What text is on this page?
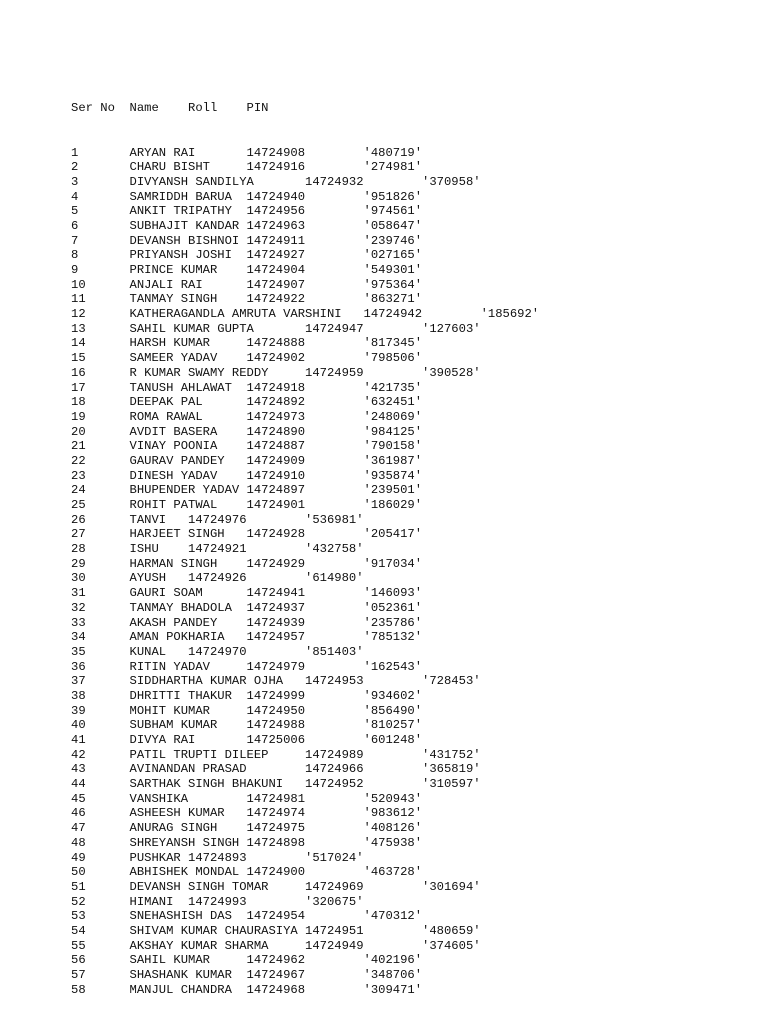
Ser No  Name    Roll    PIN

1       ARYAN RAI       14724908        '480719'
2       CHARU BISHT     14724916        '274981'
3       DIVYANSH SANDILYA       14724932        '370958'
4       SAMRIDDH BARUA  14724940        '951826'
5       ANKIT TRIPATHY  14724956        '974561'
6       SUBHAJIT KANDAR 14724963        '058647'
7       DEVANSH BISHNOI 14724911        '239746'
8       PRIYANSH JOSHI  14724927        '027165'
9       PRINCE KUMAR    14724904        '549301'
10      ANJALI RAI      14724907        '975364'
11      TANMAY SINGH    14724922        '863271'
12      KATHERAGANDLA AMRUTA VARSHINI   14724942        '185692'
13      SAHIL KUMAR GUPTA       14724947        '127603'
14      HARSH KUMAR     14724888        '817345'
15      SAMEER YADAV    14724902        '798506'
16      R KUMAR SWAMY REDDY     14724959        '390528'
17      TANUSH AHLAWAT  14724918        '421735'
18      DEEPAK PAL      14724892        '632451'
19      ROMA RAWAL      14724973        '248069'
20      AVDIT BASERA    14724890        '984125'
21      VINAY POONIA    14724887        '790158'
22      GAURAV PANDEY   14724909        '361987'
23      DINESH YADAV    14724910        '935874'
24      BHUPENDER YADAV 14724897        '239501'
25      ROHIT PATWAL    14724901        '186029'
26      TANVI   14724976        '536981'
27      HARJEET SINGH   14724928        '205417'
28      ISHU    14724921        '432758'
29      HARMAN SINGH    14724929        '917034'
30      AYUSH   14724926        '614980'
31      GAURI SOAM      14724941        '146093'
32      TANMAY BHADOLA  14724937        '052361'
33      AKASH PANDEY    14724939        '235786'
34      AMAN POKHARIA   14724957        '785132'
35      KUNAL   14724970        '851403'
36      RITIN YADAV     14724979        '162543'
37      SIDDHARTHA KUMAR OJHA   14724953        '728453'
38      DHRITTI THAKUR  14724999        '934602'
39      MOHIT KUMAR     14724950        '856490'
40      SUBHAM KUMAR    14724988        '810257'
41      DIVYA RAI       14725006        '601248'
42      PATIL TRUPTI DILEEP     14724989        '431752'
43      AVINANDAN PRASAD        14724966        '365819'
44      SARTHAK SINGH BHAKUNI   14724952        '310597'
45      VANSHIKA        14724981        '520943'
46      ASHEESH KUMAR   14724974        '983612'
47      ANURAG SINGH    14724975        '408126'
48      SHREYANSH SINGH 14724898        '475938'
49      PUSHKAR 14724893        '517024'
50      ABHISHEK MONDAL 14724900        '463728'
51      DEVANSH SINGH TOMAR     14724969        '301694'
52      HIMANI  14724993        '320675'
53      SNEHASHISH DAS  14724954        '470312'
54      SHIVAM KUMAR CHAURASIYA 14724951        '480659'
55      AKSHAY KUMAR SHARMA     14724949        '374605'
56      SAHIL KUMAR     14724962        '402196'
57      SHASHANK KUMAR  14724967        '348706'
58      MANJUL CHANDRA  14724968        '309471'
